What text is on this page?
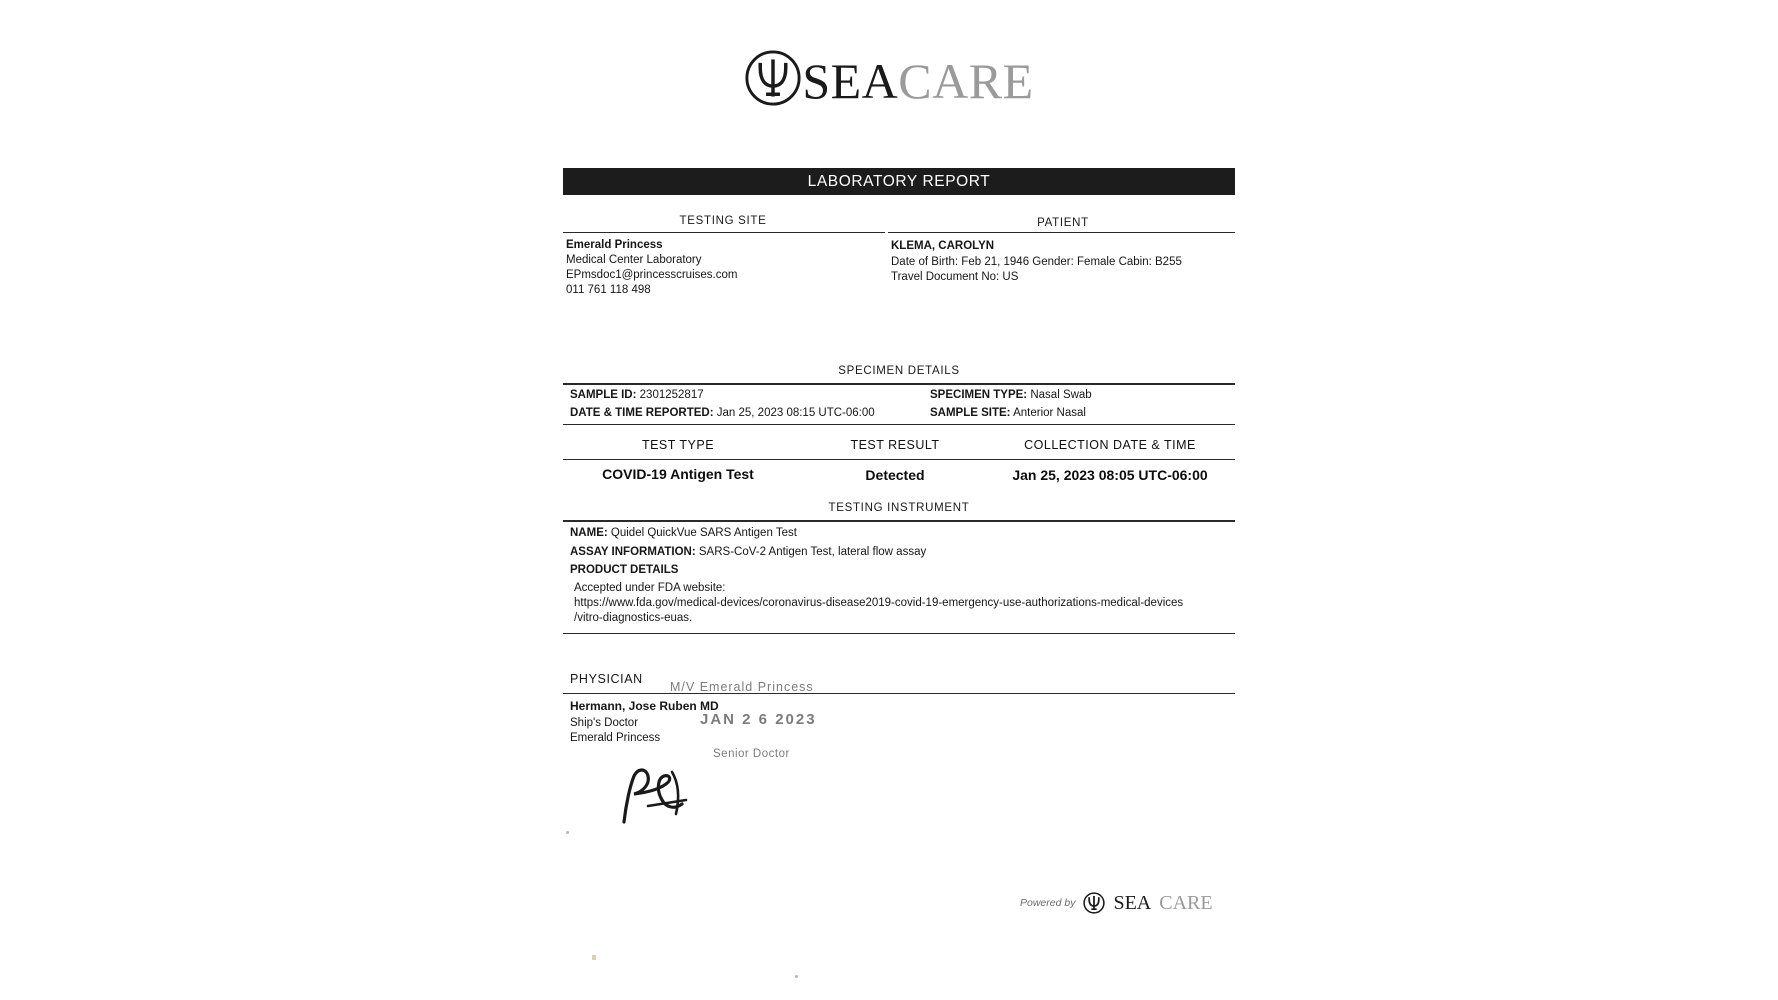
SEACARE
LABORATORY REPORT
TESTING SITE	PATIENT
Emerald Princess
Medical Center Laboratory
EPmsdoc1@princesscruises.com
011 761 118 498
KLEMA, CAROLYN
Date of Birth: Feb 21, 1946 Gender: Female Cabin: B255
Travel Document No: US
SPECIMEN DETAILS
SAMPLE ID: 2301252817
DATE & TIME REPORTED: Jan 25, 2023 08:15 UTC-06:00
SPECIMEN TYPE: Nasal Swab
SAMPLE SITE: Anterior Nasal
TEST TYPE	TEST RESULT	COLLECTION DATE & TIME
COVID-19 Antigen Test	Detected	Jan 25, 2023 08:05 UTC-06:00
TESTING INSTRUMENT
NAME: Quidel QuickVue SARS Antigen Test
ASSAY INFORMATION: SARS-CoV-2 Antigen Test, lateral flow assay
PRODUCT DETAILS
Accepted under FDA website:
https://www.fda.gov/medical-devices/coronavirus-disease2019-covid-19-emergency-use-authorizations-medical-devices
/vitro-diagnostics-euas.
PHYSICIAN
Hermann, Jose Ruben MD
Ship's Doctor
Emerald Princess
M/V Emerald Princess
JAN 2 6 2023
Senior Doctor
Powered by SEA CARE
